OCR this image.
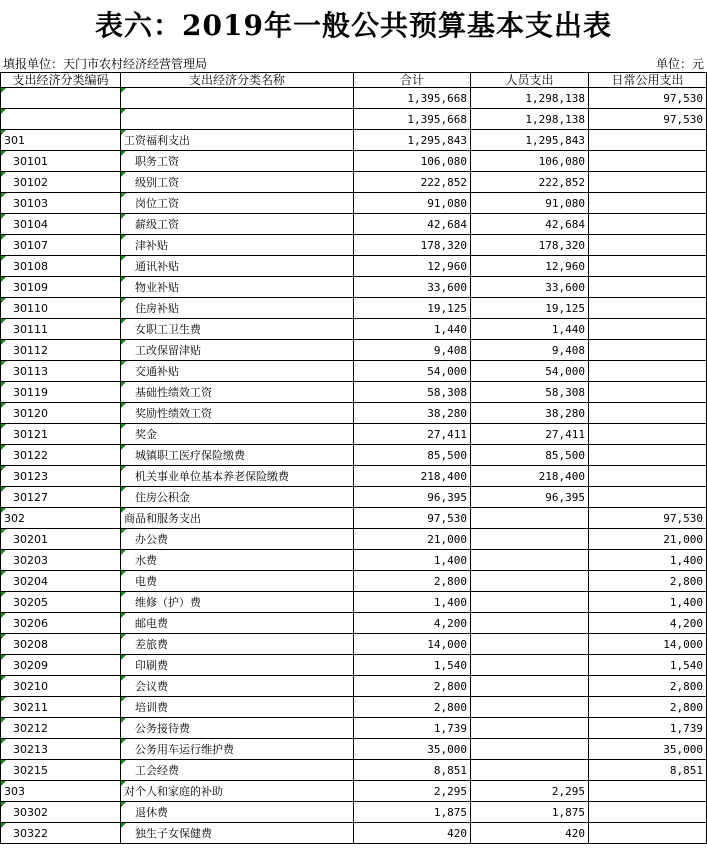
表六：2019年一般公共预算基本支出表
填报单位：天门市农村经济经营管理局	单位：元
支出经济分类编码	支出经济分类名称	合计	人员支出	日常公用支出
		1,395,668	1,298,138	97,530
		1,395,668	1,298,138	97,530
301	工资福利支出	1,295,843	1,295,843	
30101	职务工资	106,080	106,080	
30102	级别工资	222,852	222,852	
30103	岗位工资	91,080	91,080	
30104	薪级工资	42,684	42,684	
30107	津补贴	178,320	178,320	
30108	通讯补贴	12,960	12,960	
30109	物业补贴	33,600	33,600	
30110	住房补贴	19,125	19,125	
30111	女职工卫生费	1,440	1,440	
30112	工改保留津贴	9,408	9,408	
30113	交通补贴	54,000	54,000	
30119	基础性绩效工资	58,308	58,308	
30120	奖励性绩效工资	38,280	38,280	
30121	奖金	27,411	27,411	
30122	城镇职工医疗保险缴费	85,500	85,500	
30123	机关事业单位基本养老保险缴费	218,400	218,400	
30127	住房公积金	96,395	96,395	
302	商品和服务支出	97,530		97,530
30201	办公费	21,000		21,000
30203	水费	1,400		1,400
30204	电费	2,800		2,800
30205	维修（护）费	1,400		1,400
30206	邮电费	4,200		4,200
30208	差旅费	14,000		14,000
30209	印刷费	1,540		1,540
30210	会议费	2,800		2,800
30211	培训费	2,800		2,800
30212	公务接待费	1,739		1,739
30213	公务用车运行维护费	35,000		35,000
30215	工会经费	8,851		8,851
303	对个人和家庭的补助	2,295	2,295	
30302	退休费	1,875	1,875	
30322	独生子女保健费	420	420	
